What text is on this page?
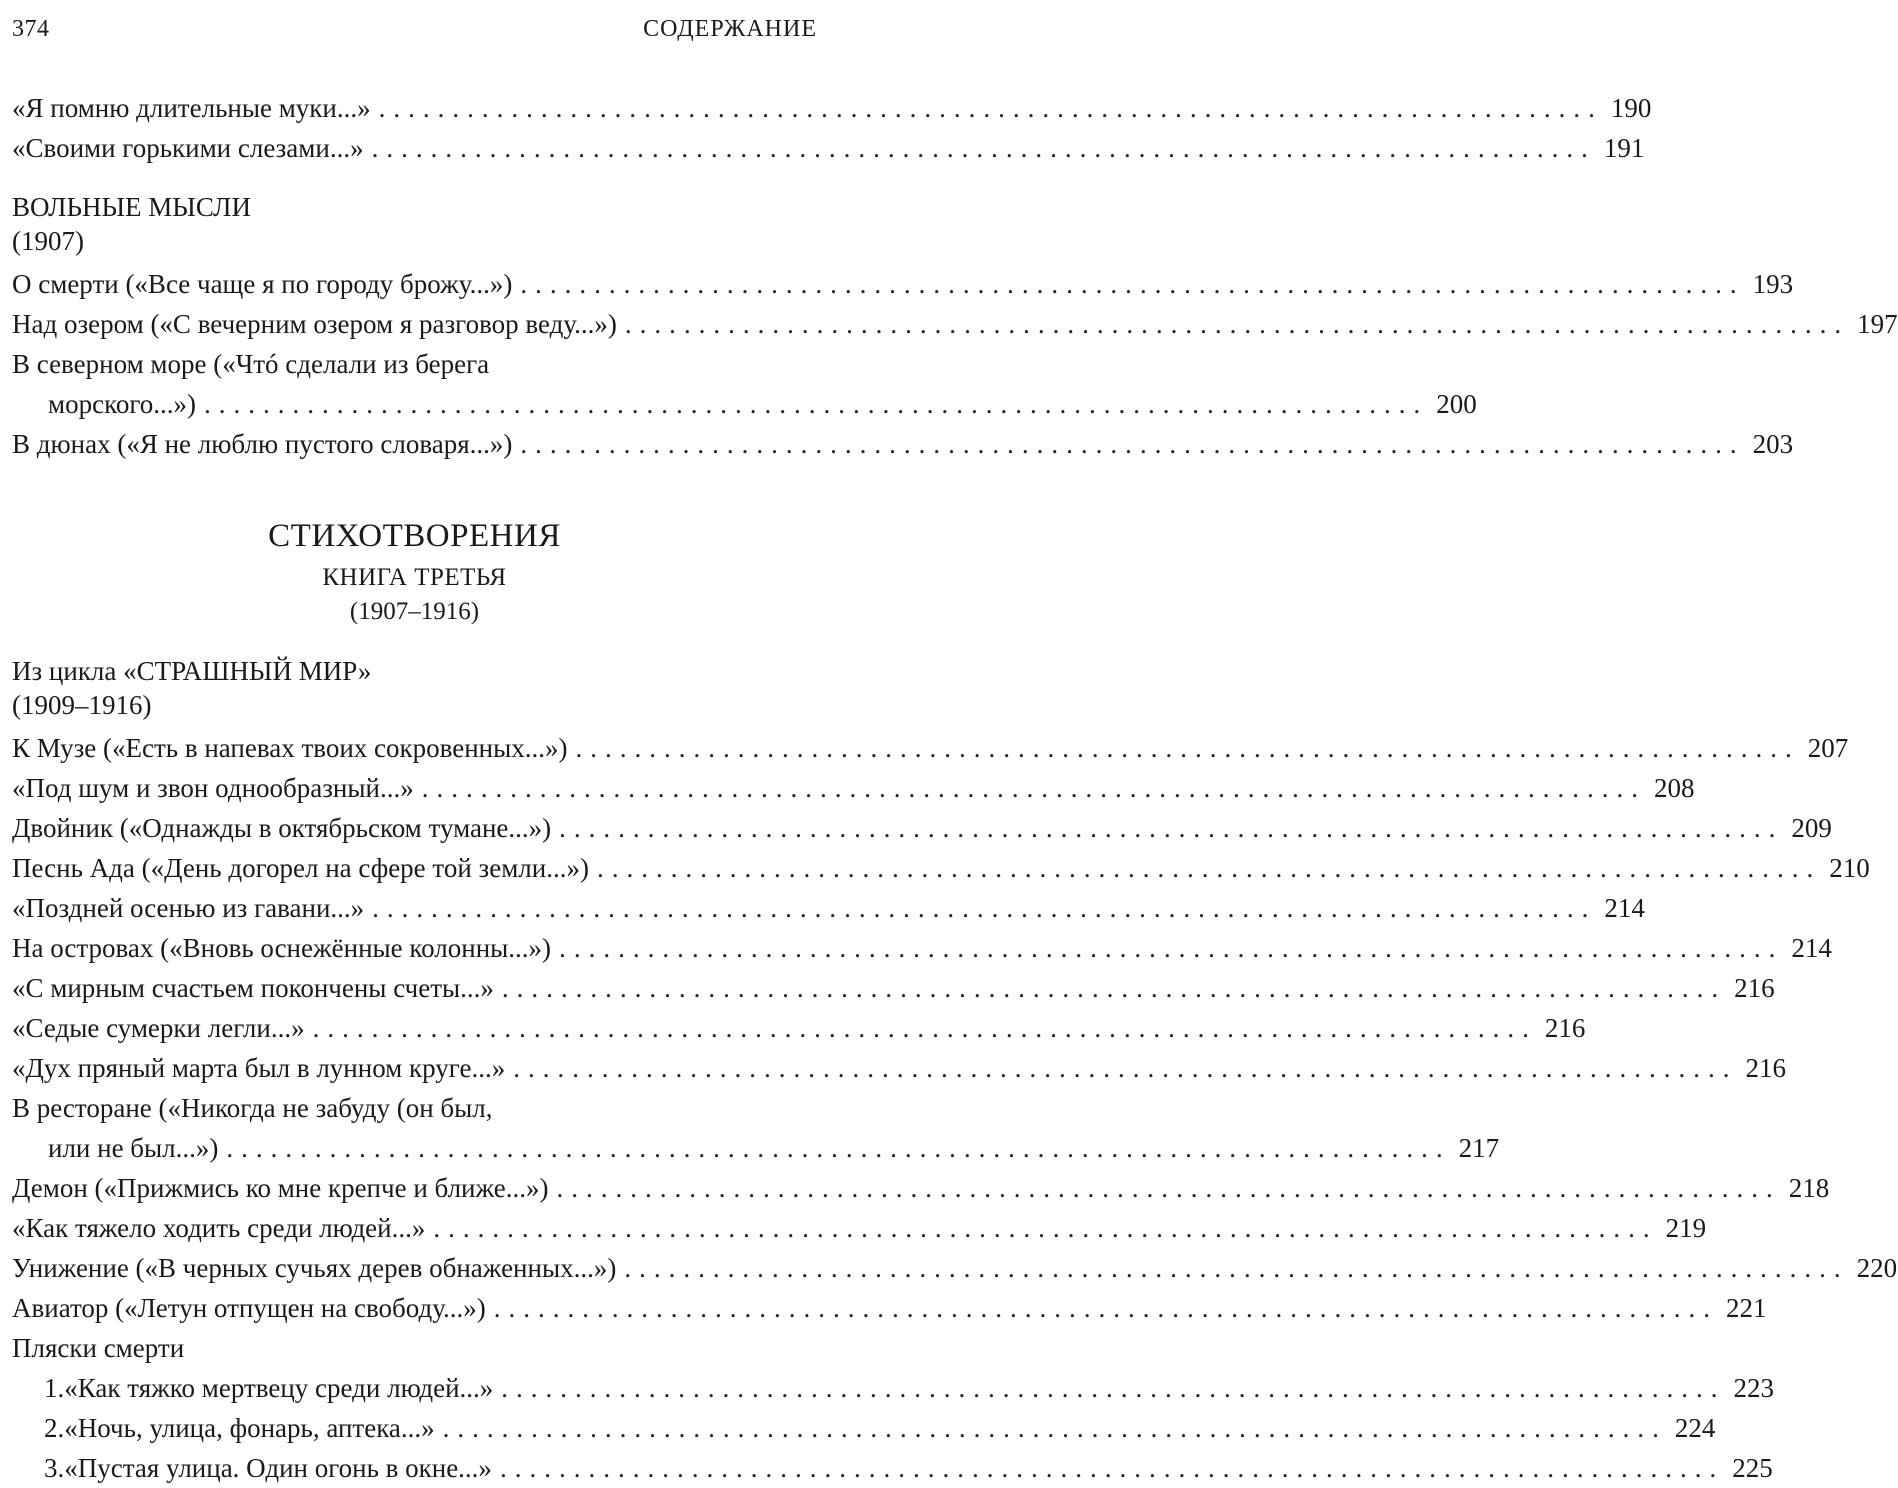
374	СОДЕРЖАНИЕ
«Я помню длительные муки...» ................................................................................... 190
«Своими горькими слезами...» ................................................................................... 191
ВОЛЬНЫЕ МЫСЛИ
(1907)
О смерти («Все чаще я по городу брожу...») ................................................................................... 193
Над озером («С вечерним озером я разговор веду...») ................................................................................... 197
В северном море («Чтó сделали из берега
морского...») ................................................................................... 200
В дюнах («Я не люблю пустого словаря...») ................................................................................... 203
СТИХОТВОРЕНИЯ
КНИГА ТРЕТЬЯ
(1907–1916)
Из цикла «СТРАШНЫЙ МИР»
(1909–1916)
К Музе («Есть в напевах твоих сокровенных...») ................................................................................... 207
«Под шум и звон однообразный...» ................................................................................... 208
Двойник («Однажды в октябрьском тумане...») ................................................................................... 209
Песнь Ада («День догорел на сфере той земли...») ................................................................................... 210
«Поздней осенью из гавани...» ................................................................................... 214
На островах («Вновь оснежённые колонны...») ................................................................................... 214
«С мирным счастьем покончены счеты...» ................................................................................... 216
«Седые сумерки легли...» ................................................................................... 216
«Дух пряный марта был в лунном круге...» ................................................................................... 216
В ресторане («Никогда не забуду (он был,
или не был...») ................................................................................... 217
Демон («Прижмись ко мне крепче и ближе...») ................................................................................... 218
«Как тяжело ходить среди людей...» ................................................................................... 219
Унижение («В черных сучьях дерев обнаженных...») ................................................................................... 220
Авиатор («Летун отпущен на свободу...») ................................................................................... 221
Пляски смерти
1. «Как тяжко мертвецу среди людей...» ................................................................................... 223
2. «Ночь, улица, фонарь, аптека...» ................................................................................... 224
3. «Пустая улица. Один огонь в окне...» ................................................................................... 225
